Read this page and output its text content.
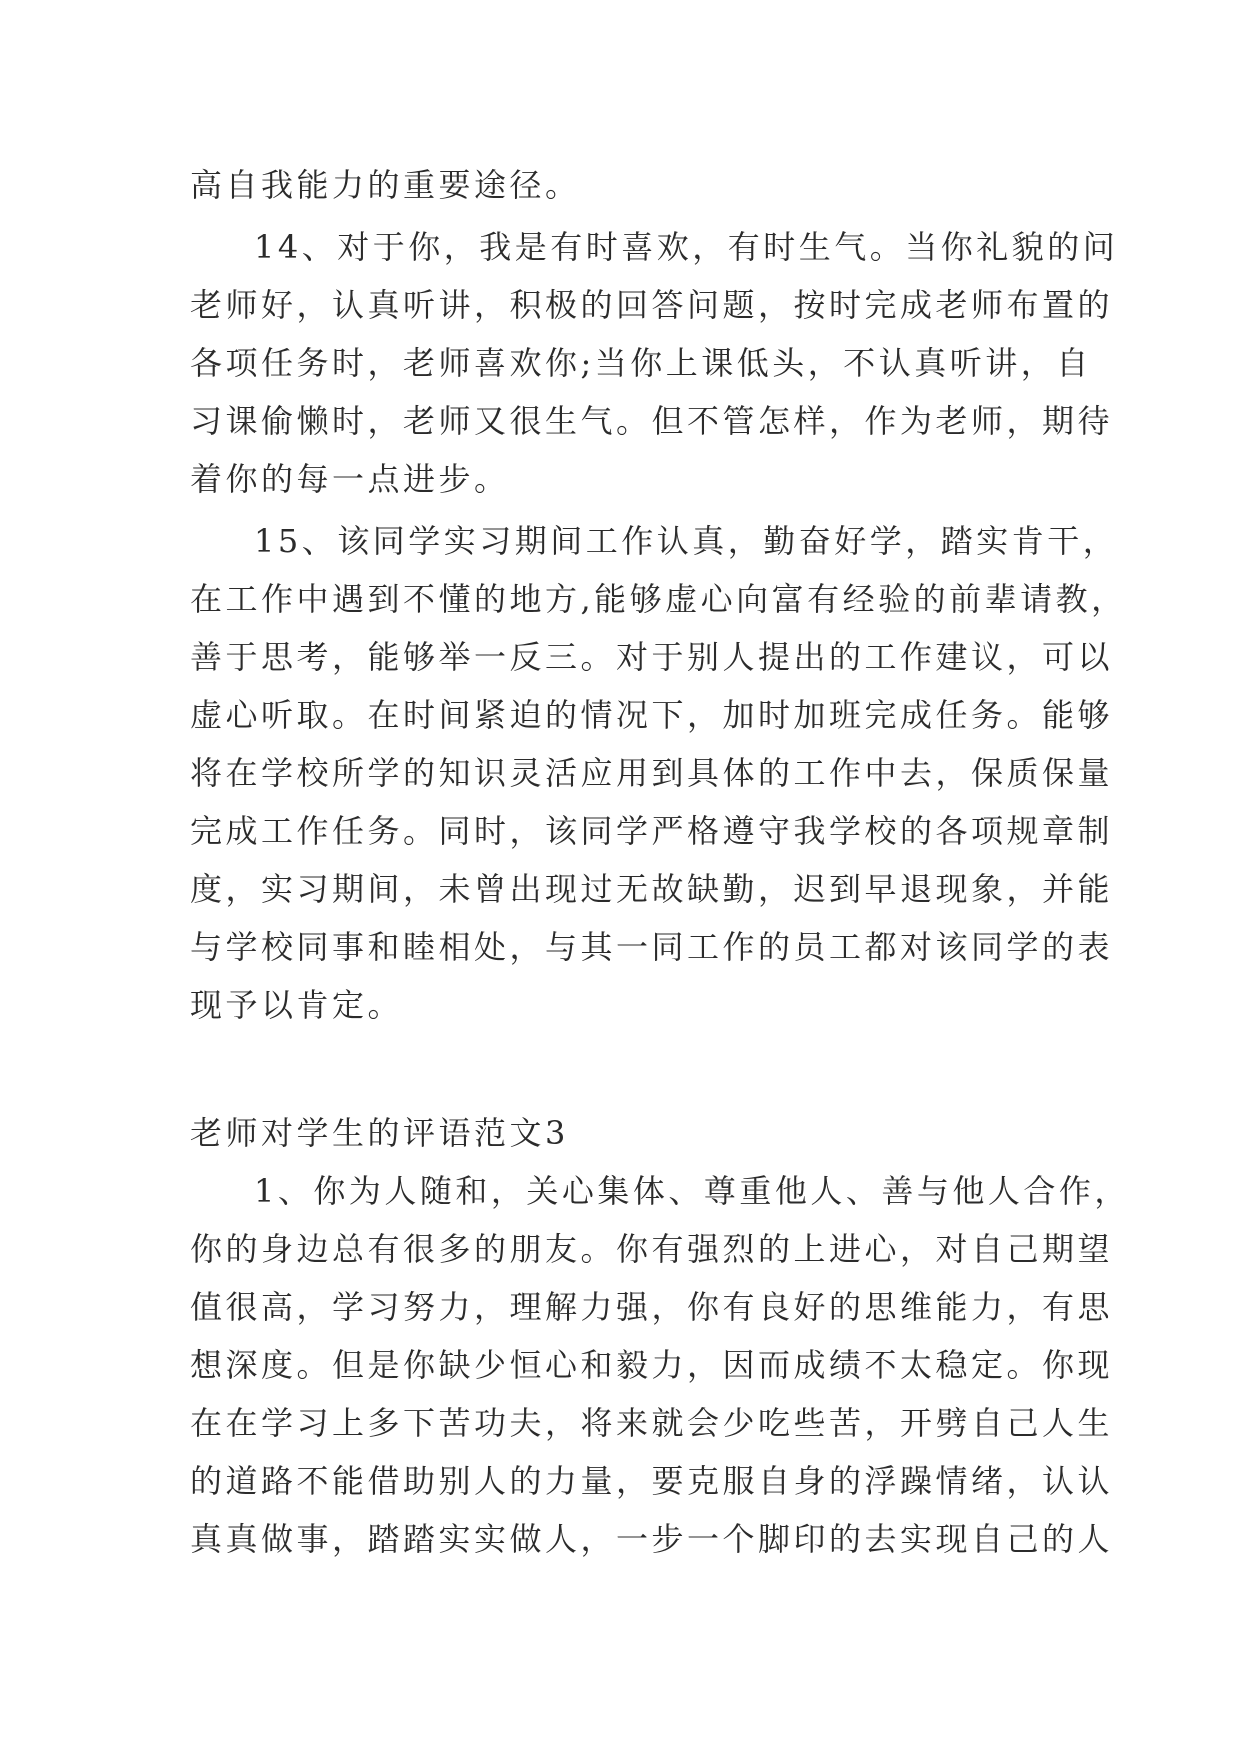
高自我能力的重要途径。
14、对于你，我是有时喜欢，有时生气。当你礼貌的问
老师好，认真听讲，积极的回答问题，按时完成老师布置的
各项任务时，老师喜欢你;当你上课低头，不认真听讲，自
习课偷懒时，老师又很生气。但不管怎样，作为老师，期待
着你的每一点进步。
15、该同学实习期间工作认真，勤奋好学，踏实肯干，
在工作中遇到不懂的地方,能够虚心向富有经验的前辈请教，
善于思考，能够举一反三。对于别人提出的工作建议，可以
虚心听取。在时间紧迫的情况下，加时加班完成任务。能够
将在学校所学的知识灵活应用到具体的工作中去，保质保量
完成工作任务。同时，该同学严格遵守我学校的各项规章制
度，实习期间，未曾出现过无故缺勤，迟到早退现象，并能
与学校同事和睦相处，与其一同工作的员工都对该同学的表
现予以肯定。
老师对学生的评语范文3
1、你为人随和，关心集体、尊重他人、善与他人合作，
你的身边总有很多的朋友。你有强烈的上进心，对自己期望
值很高，学习努力，理解力强，你有良好的思维能力，有思
想深度。但是你缺少恒心和毅力，因而成绩不太稳定。你现
在在学习上多下苦功夫，将来就会少吃些苦，开劈自己人生
的道路不能借助别人的力量，要克服自身的浮躁情绪，认认
真真做事，踏踏实实做人，一步一个脚印的去实现自己的人
